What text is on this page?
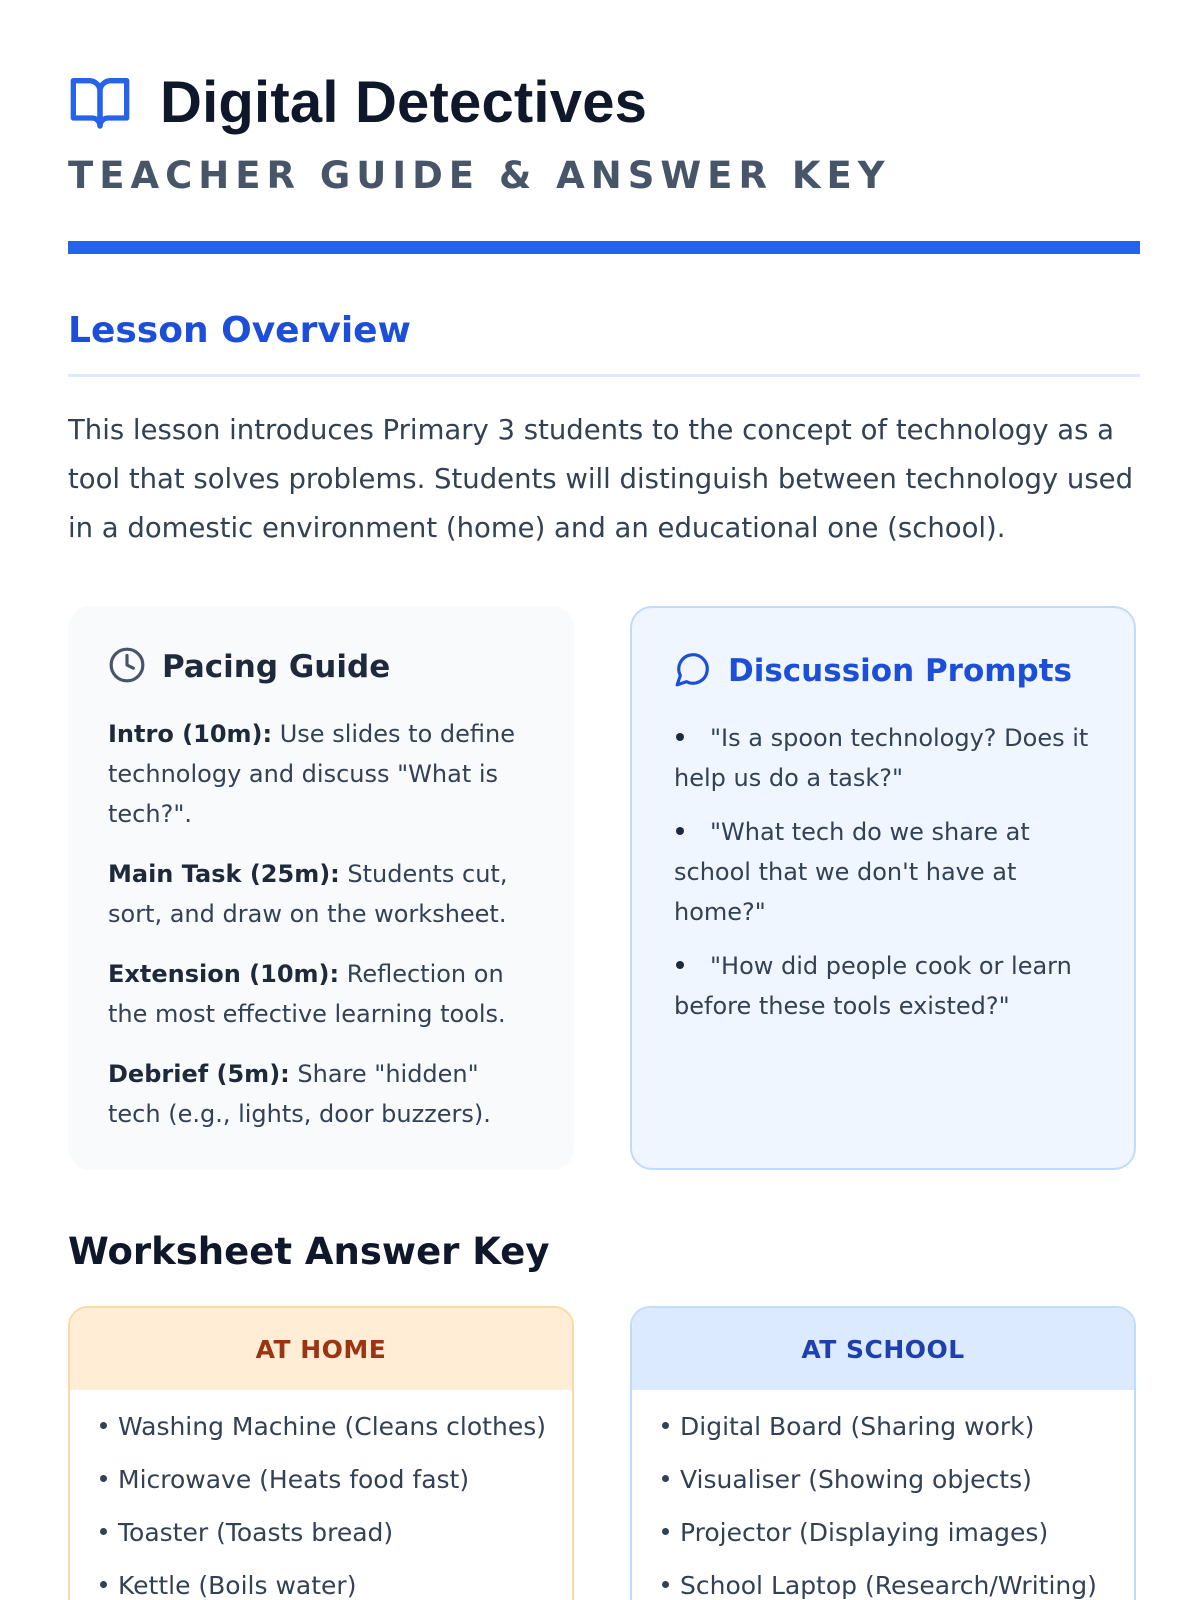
Digital Detectives
TEACHER GUIDE & ANSWER KEY
Lesson Overview

This lesson introduces Primary 3 students to the concept of technology as a tool that solves problems. Students will distinguish between technology used in a domestic environment (home) and an educational one (school).

Pacing Guide

Intro (10m): Use slides to define technology and discuss "What is tech?".

Main Task (25m): Students cut, sort, and draw on the worksheet.

Extension (10m): Reflection on the most effective learning tools.

Debrief (5m): Share "hidden" tech (e.g., lights, door buzzers).

Discussion Prompts
"Is a spoon technology? Does it help us do a task?"
"What tech do we share at school that we don't have at home?"
"How did people cook or learn before these tools existed?"
Worksheet Answer Key
AT HOME
Washing Machine (Cleans clothes)
Microwave (Heats food fast)
Toaster (Toasts bread)
Kettle (Boils water)
AT SCHOOL
Digital Board (Sharing work)
Visualiser (Showing objects)
Projector (Displaying images)
School Laptop (Research/Writing)
